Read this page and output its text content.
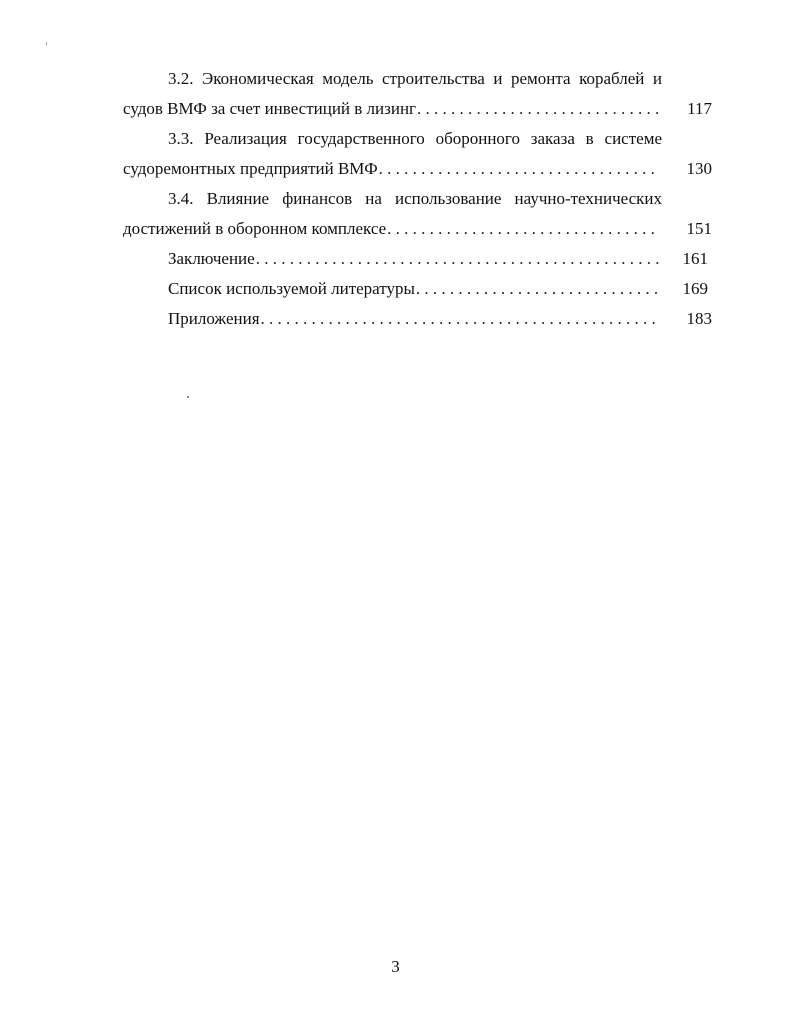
3.2. Экономическая модель строительства и ремонта кораблей и
судов ВМФ за счет инвестиций в лизинг . . .	117
3.3. Реализация государственного оборонного заказа в системе
судоремонтных предприятий ВМФ . . .	130
3.4. Влияние финансов на использование научно-технических
достижений в оборонном комплексе . . .	151
Заключение . . .	161
Список используемой литературы . . .	169
Приложения . . .	183
3
